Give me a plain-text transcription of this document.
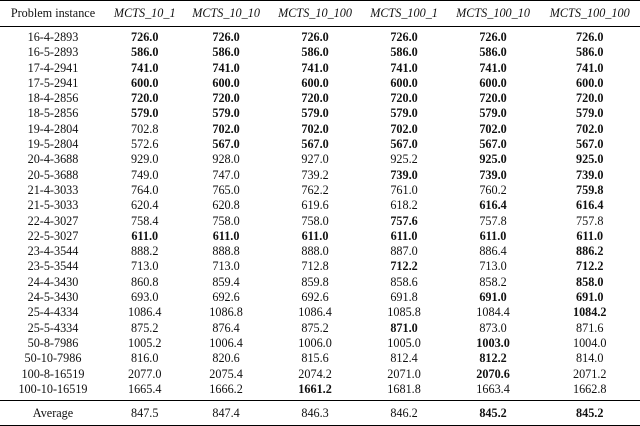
Problem instance	MCTS_10_1	MCTS_10_10	MCTS_10_100	MCTS_100_1	MCTS_100_10	MCTS_100_100
16-4-2893	726.0	726.0	726.0	726.0	726.0	726.0
16-5-2893	586.0	586.0	586.0	586.0	586.0	586.0
17-4-2941	741.0	741.0	741.0	741.0	741.0	741.0
17-5-2941	600.0	600.0	600.0	600.0	600.0	600.0
18-4-2856	720.0	720.0	720.0	720.0	720.0	720.0
18-5-2856	579.0	579.0	579.0	579.0	579.0	579.0
19-4-2804	702.8	702.0	702.0	702.0	702.0	702.0
19-5-2804	572.6	567.0	567.0	567.0	567.0	567.0
20-4-3688	929.0	928.0	927.0	925.2	925.0	925.0
20-5-3688	749.0	747.0	739.2	739.0	739.0	739.0
21-4-3033	764.0	765.0	762.2	761.0	760.2	759.8
21-5-3033	620.4	620.8	619.6	618.2	616.4	616.4
22-4-3027	758.4	758.0	758.0	757.6	757.8	757.8
22-5-3027	611.0	611.0	611.0	611.0	611.0	611.0
23-4-3544	888.2	888.8	888.0	887.0	886.4	886.2
23-5-3544	713.0	713.0	712.8	712.2	713.0	712.2
24-4-3430	860.8	859.4	859.8	858.6	858.2	858.0
24-5-3430	693.0	692.6	692.6	691.8	691.0	691.0
25-4-4334	1086.4	1086.8	1086.4	1085.8	1084.4	1084.2
25-5-4334	875.2	876.4	875.2	871.0	873.0	871.6
50-8-7986	1005.2	1006.4	1006.0	1005.0	1003.0	1004.0
50-10-7986	816.0	820.6	815.6	812.4	812.2	814.0
100-8-16519	2077.0	2075.4	2074.2	2071.0	2070.6	2071.2
100-10-16519	1665.4	1666.2	1661.2	1681.8	1663.4	1662.8
Average	847.5	847.4	846.3	846.2	845.2	845.2
